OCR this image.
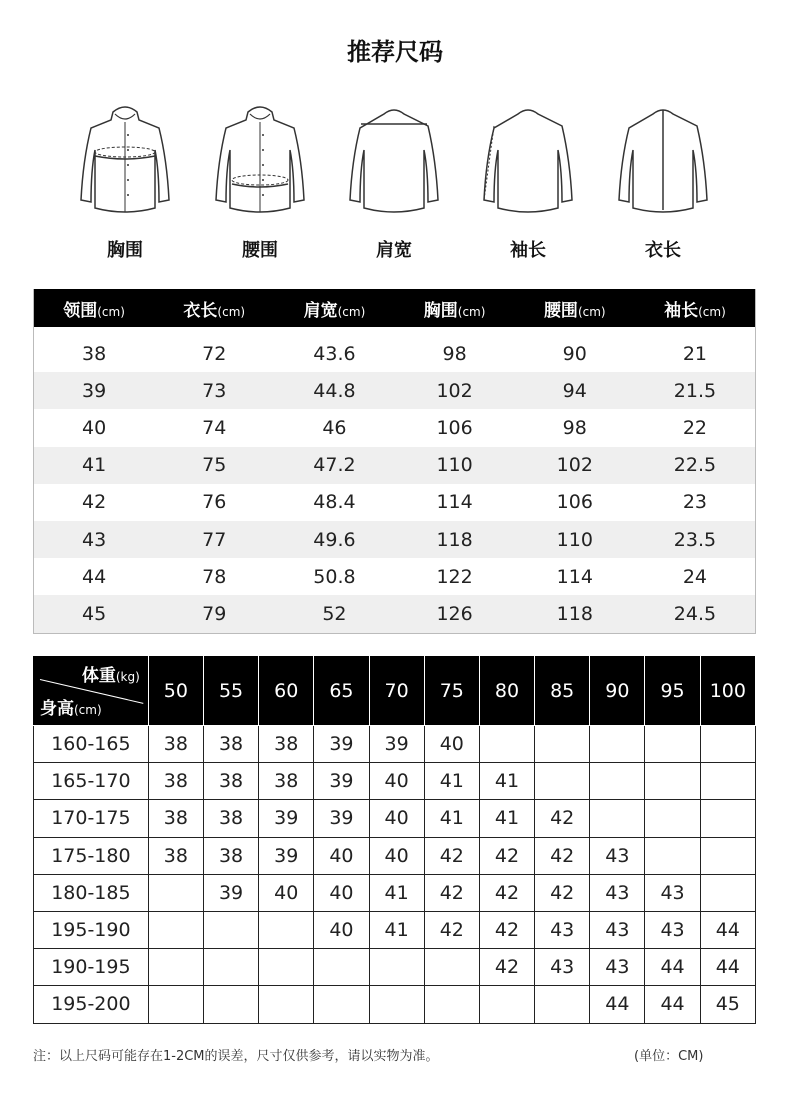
推荐尺码
胸围	腰围	肩宽	袖长	衣长
领围(cm)	衣长(cm)	肩宽(cm)	胸围(cm)	腰围(cm)	袖长(cm)
38	72	43.6	98	90	21
39	73	44.8	102	94	21.5
40	74	46	106	98	22
41	75	47.2	110	102	22.5
42	76	48.4	114	106	23
43	77	49.6	118	110	23.5
44	78	50.8	122	114	24
45	79	52	126	118	24.5
体重(kg)
身高(cm)	50	55	60	65	70	75	80	85	90	95	100
160-165	38	38	38	39	39	40					
165-170	38	38	38	39	40	41	41				
170-175	38	38	39	39	40	41	41	42			
175-180	38	38	39	40	40	42	42	42	43		
180-185		39	40	40	41	42	42	42	43	43	
195-190				40	41	42	42	43	43	43	44
190-195							42	43	43	44	44
195-200									44	44	45
注：以上尺码可能存在1-2CM的误差，尺寸仅供参考，请以实物为准。	(单位：CM)
